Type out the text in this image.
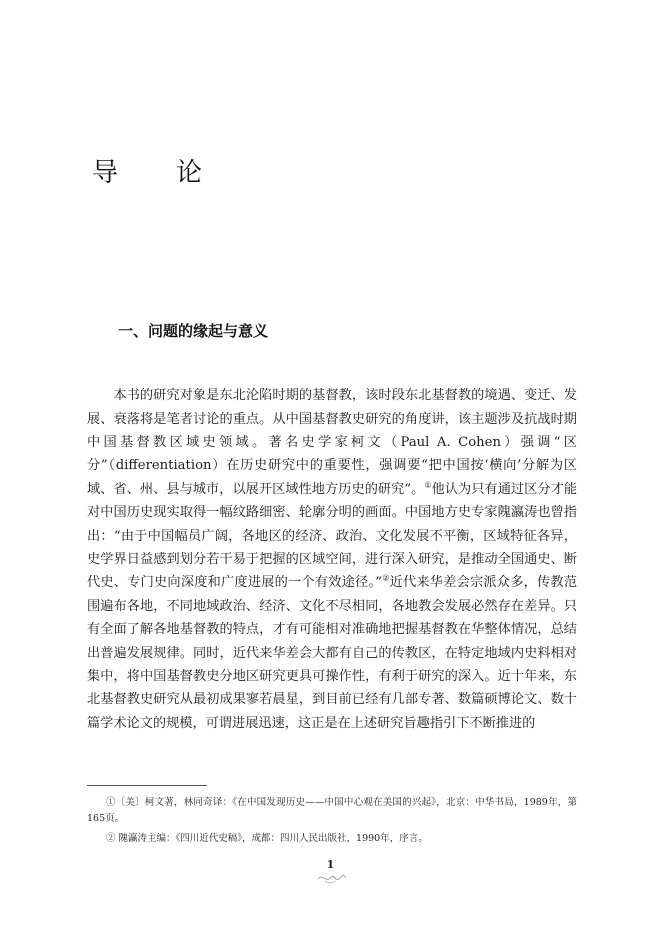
导 论
一、问题的缘起与意义

本书的研究对象是东北沦陷时期的基督教，该时段东北基督教的境遇、变迁、发展、衰落将是笔者讨论的重点。从中国基督教史研究的角度讲，该主题涉及抗战时期中国基督教区域史领域。著名史学家柯文（Paul A. Cohen）强调“区分”（differentiation）在历史研究中的重要性，强调要“把中国按‘横向’分解为区域、省、州、县与城市，以展开区域性地方历史的研究”。①他认为只有通过区分才能对中国历史现实取得一幅纹路细密、轮廓分明的画面。中国地方史专家隗瀛涛也曾指出：“由于中国幅员广阔，各地区的经济、政治、文化发展不平衡，区域特征各异，史学界日益感到划分若干易于把握的区域空间，进行深入研究，是推动全国通史、断代史、专门史向深度和广度进展的一个有效途径。”②近代来华差会宗派众多，传教范围遍布各地，不同地域政治、经济、文化不尽相同，各地教会发展必然存在差异。只有全面了解各地基督教的特点，才有可能相对准确地把握基督教在华整体情况，总结出普遍发展规律。同时，近代来华差会大都有自己的传教区，在特定地域内史料相对集中，将中国基督教史分地区研究更具可操作性，有利于研究的深入。近十年来，东北基督教史研究从最初成果寥若晨星，到目前已经有几部专著、数篇硕博论文、数十篇学术论文的规模，可谓进展迅速，这正是在上述研究旨趣指引下不断推进的

①〔美〕柯文著，林同奇译：《在中国发现历史——中国中心观在美国的兴起》，北京：中华书局，1989年，第165页。

② 隗瀛涛主编：《四川近代史稿》，成都：四川人民出版社，1990年，序言。

1
